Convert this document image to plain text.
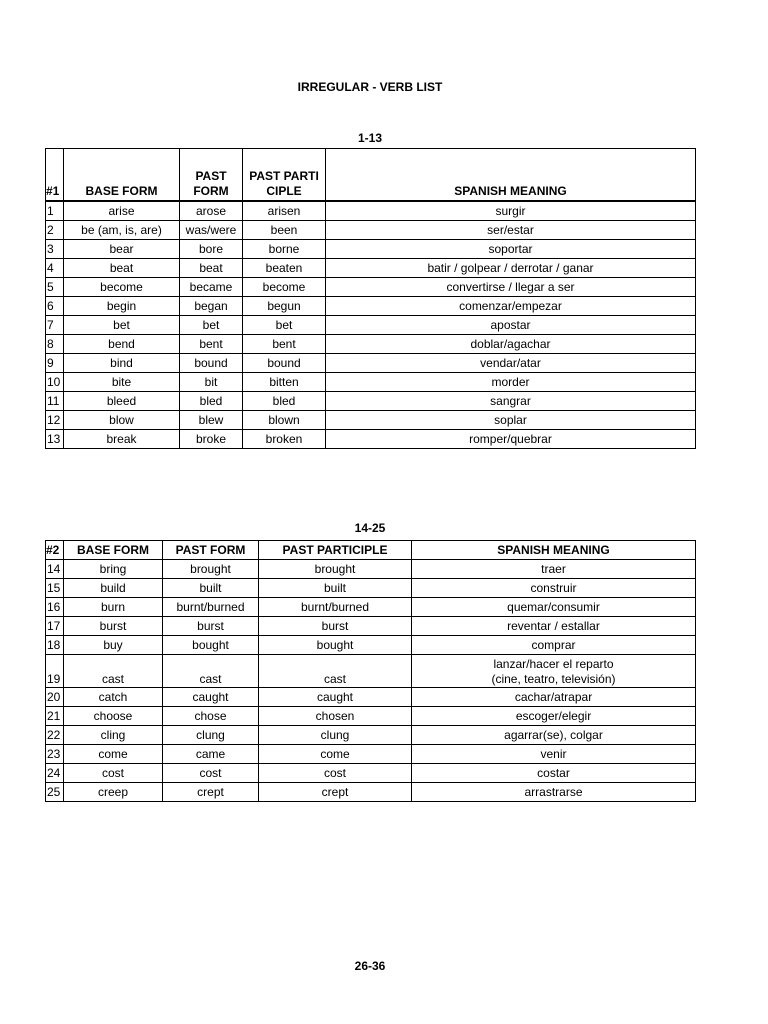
IRREGULAR - VERB LIST
1-13
#1	BASE FORM	PAST FORM	PAST PARTICIPLE	SPANISH MEANING
1	arise	arose	arisen	surgir
2	be (am, is, are)	was/were	been	ser/estar
3	bear	bore	borne	soportar
4	beat	beat	beaten	batir / golpear / derrotar / ganar
5	become	became	become	convertirse / llegar a ser
6	begin	began	begun	comenzar/empezar
7	bet	bet	bet	apostar
8	bend	bent	bent	doblar/agachar
9	bind	bound	bound	vendar/atar
10	bite	bit	bitten	morder
11	bleed	bled	bled	sangrar
12	blow	blew	blown	soplar
13	break	broke	broken	romper/quebrar
14-25
#2	BASE FORM	PAST FORM	PAST PARTICIPLE	SPANISH MEANING
14	bring	brought	brought	traer
15	build	built	built	construir
16	burn	burnt/burned	burnt/burned	quemar/consumir
17	burst	burst	burst	reventar / estallar
18	buy	bought	bought	comprar
19	cast	cast	cast	lanzar/hacer el reparto
(cine, teatro, televisión)

20	catch	caught	caught	cachar/atrapar
21	choose	chose	chosen	escoger/elegir
22	cling	clung	clung	agarrar(se), colgar
23	come	came	come	venir
24	cost	cost	cost	costar
25	creep	crept	crept	arrastrarse
26-36
